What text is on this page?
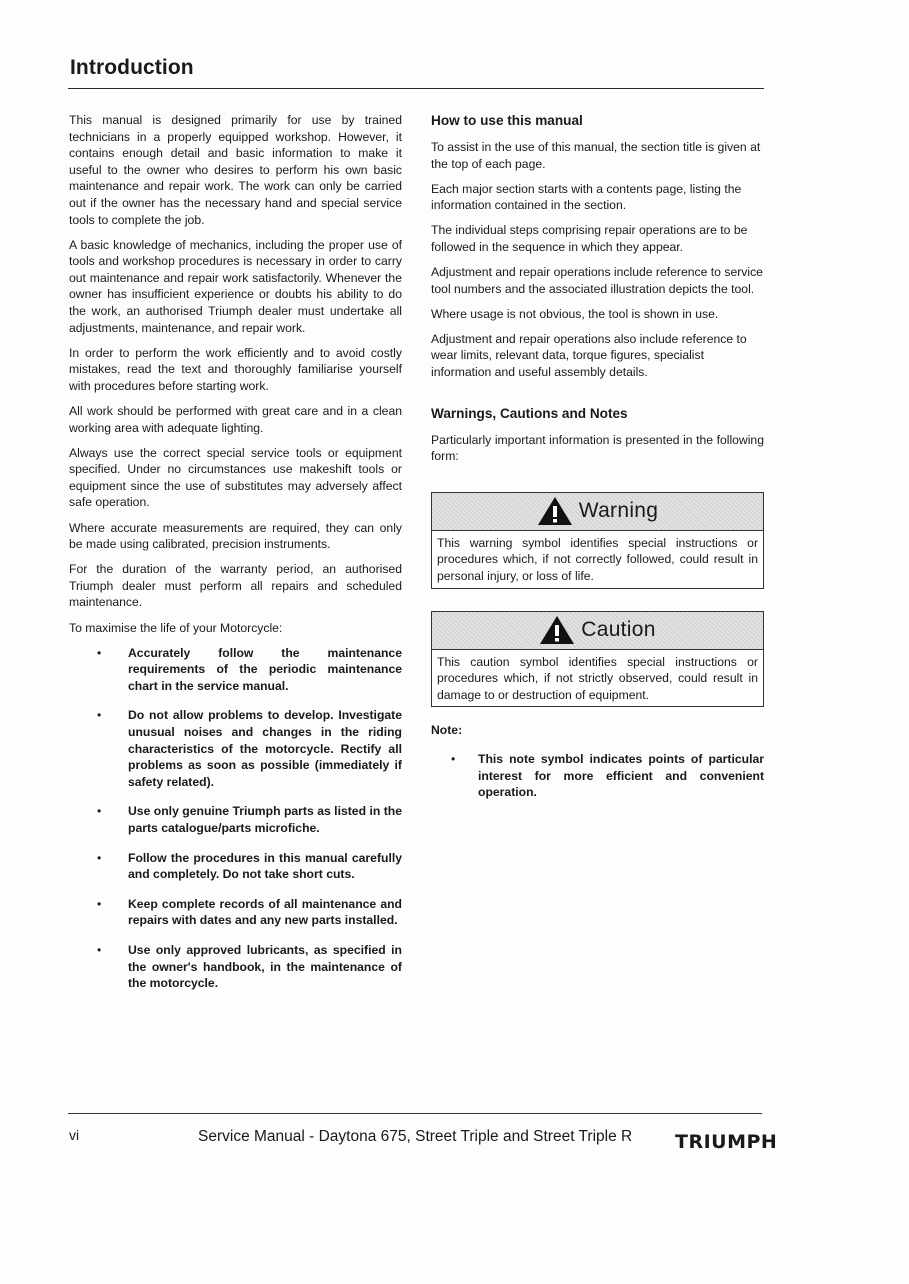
Introduction

This manual is designed primarily for use by trained technicians in a properly equipped workshop. However, it contains enough detail and basic information to make it useful to the owner who desires to perform his own basic maintenance and repair work. The work can only be carried out if the owner has the necessary hand and special service tools to complete the job.

A basic knowledge of mechanics, including the proper use of tools and workshop procedures is necessary in order to carry out maintenance and repair work satisfactorily. Whenever the owner has insufficient experience or doubts his ability to do the work, an authorised Triumph dealer must undertake all adjustments, maintenance, and repair work.

In order to perform the work efficiently and to avoid costly mistakes, read the text and thoroughly familiarise yourself with procedures before starting work.

All work should be performed with great care and in a clean working area with adequate lighting.

Always use the correct special service tools or equipment specified. Under no circumstances use makeshift tools or equipment since the use of substitutes may adversely affect safe operation.

Where accurate measurements are required, they can only be made using calibrated, precision instruments.

For the duration of the warranty period, an authorised Triumph dealer must perform all repairs and scheduled maintenance.

To maximise the life of your Motorcycle:

• Accurately follow the maintenance requirements of the periodic maintenance chart in the service manual.
• Do not allow problems to develop. Investigate unusual noises and changes in the riding characteristics of the motorcycle. Rectify all problems as soon as possible (immediately if safety related).
• Use only genuine Triumph parts as listed in the parts catalogue/parts microfiche.
• Follow the procedures in this manual carefully and completely. Do not take short cuts.
• Keep complete records of all maintenance and repairs with dates and any new parts installed.
• Use only approved lubricants, as specified in the owner's handbook, in the maintenance of the motorcycle.
How to use this manual

To assist in the use of this manual, the section title is given at the top of each page.

Each major section starts with a contents page, listing the information contained in the section.

The individual steps comprising repair operations are to be followed in the sequence in which they appear.

Adjustment and repair operations include reference to service tool numbers and the associated illustration depicts the tool.

Where usage is not obvious, the tool is shown in use.

Adjustment and repair operations also include reference to wear limits, relevant data, torque figures, specialist information and useful assembly details.

Warnings, Cautions and Notes

Particularly important information is presented in the following form:

Warning
This warning symbol identifies special instructions or procedures which, if not correctly followed, could result in personal injury, or loss of life.
Caution
This caution symbol identifies special instructions or procedures which, if not strictly observed, could result in damage to or destruction of equipment.
Note:
• This note symbol indicates points of particular interest for more efficient and convenient operation.
vi	Service Manual - Daytona 675, Street Triple and Street Triple R TRIUMPH
